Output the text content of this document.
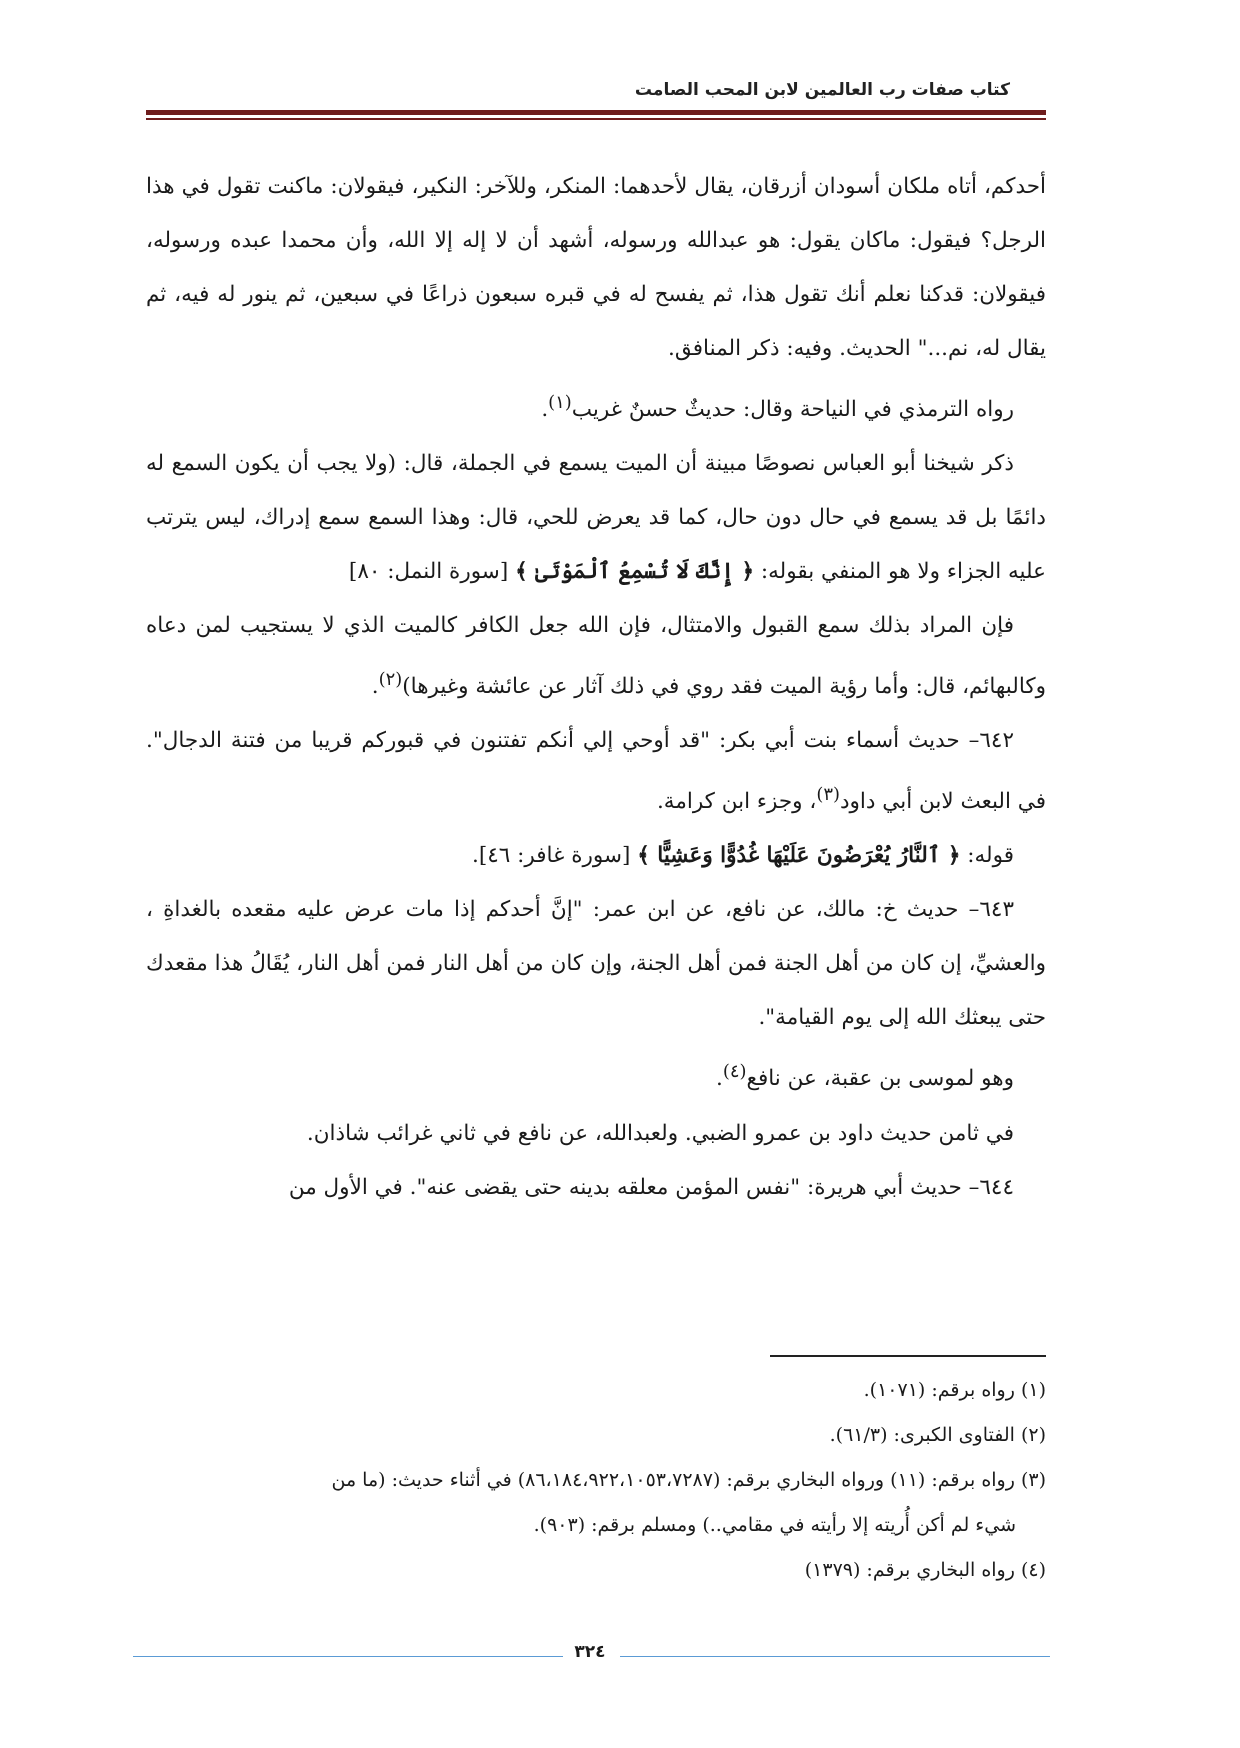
كتاب صفات رب العالمين لابن المحب الصامت

أحدكم، أتاه ملكان أسودان أزرقان، يقال لأحدهما: المنكر، وللآخر: النكير، فيقولان: ماكنت تقول في هذا الرجل؟ فيقول: ماكان يقول: هو عبدالله ورسوله، أشهد أن لا إله إلا الله، وأن محمدا عبده ورسوله، فيقولان: قدكنا نعلم أنك تقول هذا، ثم يفسح له في قبره سبعون ذراعًا في سبعين، ثم ينور له فيه، ثم يقال له، نم..." الحديث. وفيه: ذكر المنافق.

رواه الترمذي في النياحة وقال: حديثٌ حسنٌ غريب$^{(١)}$.

ذكر شيخنا أبو العباس نصوصًا مبينة أن الميت يسمع في الجملة، قال: (ولا يجب أن يكون السمع له دائمًا بل قد يسمع في حال دون حال، كما قد يعرض للحي، قال: وهذا السمع سمع إدراك، ليس يترتب عليه الجزاء ولا هو المنفي بقوله: ﴿ إِنَّكَ لَا تُسْمِعُ ٱلْمَوْتَىٰ ﴾ [سورة النمل: ٨٠]

فإن المراد بذلك سمع القبول والامتثال، فإن الله جعل الكافر كالميت الذي لا يستجيب لمن دعاه وكالبهائم، قال: وأما رؤية الميت فقد روي في ذلك آثار عن عائشة وغيرها)$^{(٢)}$.

٦٤٢– حديث أسماء بنت أبي بكر: "قد أوحي إلي أنكم تفتنون في قبوركم قريبا من فتنة الدجال". في البعث لابن أبي داود$^{(٣)}$، وجزء ابن كرامة.

قوله: ﴿ ٱلنَّارُ يُعْرَضُونَ عَلَيْهَا غُدُوًّا وَعَشِيًّا ﴾ [سورة غافر: ٤٦].

٦٤٣– حديث خ: مالك، عن نافع، عن ابن عمر: "إنَّ أحدكم إذا مات عرض عليه مقعده بالغداةِ ، والعشيِّ، إن كان من أهل الجنة فمن أهل الجنة، وإن كان من أهل النار فمن أهل النار، يُقَالُ هذا مقعدك حتى يبعثك الله إلى يوم القيامة".

وهو لموسى بن عقبة، عن نافع$^{(٤)}$.

في ثامن حديث داود بن عمرو الضبي. ولعبدالله، عن نافع في ثاني غرائب شاذان.

٦٤٤– حديث أبي هريرة: "نفس المؤمن معلقه بدينه حتى يقضى عنه". في الأول من

(١) رواه برقم: (١٠٧١).

(٢) الفتاوى الكبرى: (٦١/٣).

(٣) رواه برقم: (١١) ورواه البخاري برقم: (٨٦،١٨٤،٩٢٢،١٠٥٣،٧٢٨٧) في أثناء حديث: (ما من

شيء لم أكن أُريته إلا رأيته في مقامي..) ومسلم برقم: (٩٠٣).

(٤) رواه البخاري برقم: (١٣٧٩)

٣٢٤
